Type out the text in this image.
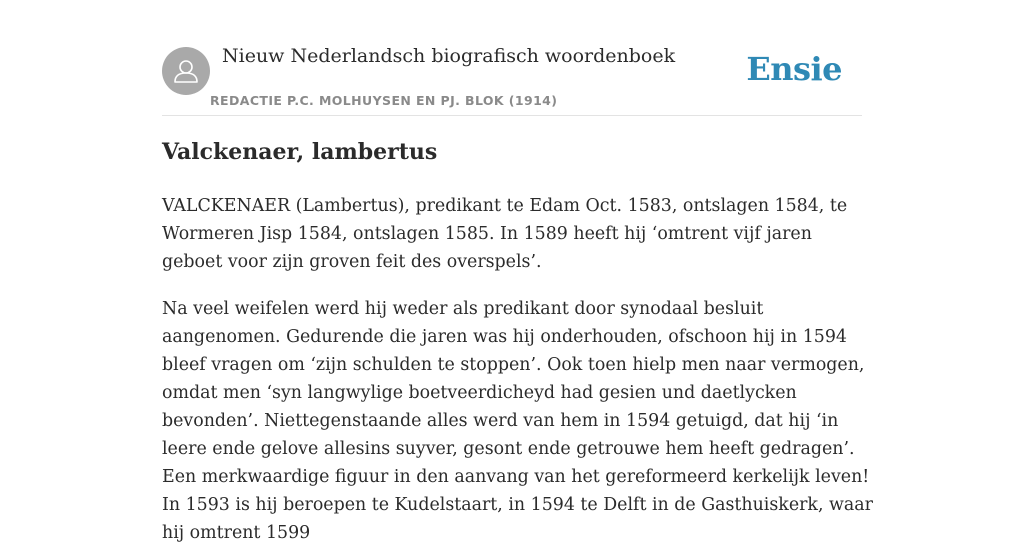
Nieuw Nederlandsch biografisch woordenboek
REDACTIE P.C. MOLHUYSEN EN PJ. BLOK (1914)
Ensie
Valckenaer, lambertus

VALCKENAER (Lambertus), predikant te Edam Oct. 1583, ontslagen 1584, te Wormeren Jisp 1584, ontslagen 1585. In 1589 heeft hij ‘omtrent vijf jaren geboet voor zijn groven feit des overspels’.

Na veel weifelen werd hij weder als predikant door synodaal besluit aangenomen. Gedurende die jaren was hij onderhouden, ofschoon hij in 1594 bleef vragen om ‘zijn schulden te stoppen’. Ook toen hielp men naar vermogen, omdat men ‘syn langwylige boetveerdicheyd had gesien und daetlycken bevonden’. Niettegenstaande alles werd van hem in 1594 getuigd, dat hij ‘in leere ende gelove allesins suyver, gesont ende getrouwe hem heeft gedragen’. Een merkwaardige figuur in den aanvang van het gereformeerd kerkelijk leven! In 1593 is hij beroepen te Kudelstaart, in 1594 te Delft in de Gasthuiskerk, waar hij omtrent 1599
